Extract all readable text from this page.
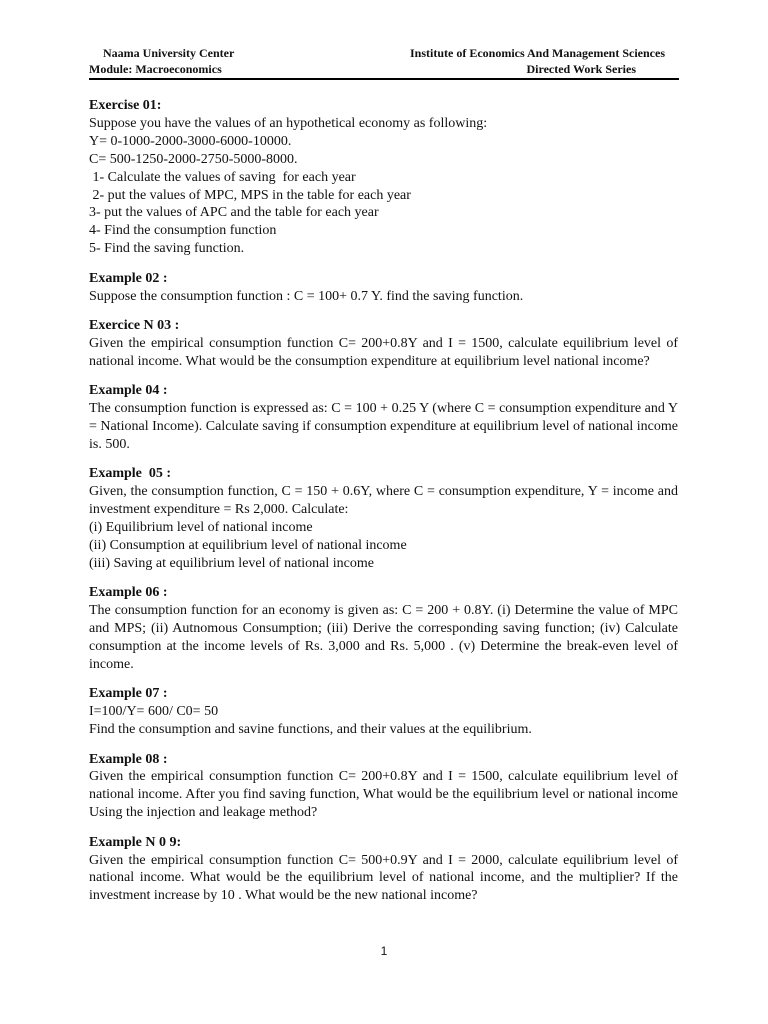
Naama University Center
Module: Macroeconomics
Institute of Economics And Management Sciences
Directed Work Series
Exercise 01:
Suppose you have the values of an hypothetical economy as following:
Y= 0-1000-2000-3000-6000-10000.
C= 500-1250-2000-2750-5000-8000.
1- Calculate the values of saving  for each year
2- put the values of MPC, MPS in the table for each year
3- put the values of APC and the table for each year
4- Find the consumption function
5- Find the saving function.
Example 02 :
Suppose the consumption function : C = 100+ 0.7 Y. find the saving function.
Exercice N 03 :
Given the empirical consumption function C= 200+0.8Y and I = 1500, calculate equilibrium level of national income. What would be the consumption expenditure at equilibrium level national income?
Example 04 :
The consumption function is expressed as: C = 100 + 0.25 Y (where C = consumption expenditure and Y = National Income). Calculate saving if consumption expenditure at equilibrium level of national income is. 500.
Example  05 :
Given, the consumption function, C = 150 + 0.6Y, where C = consumption expenditure, Y = income and investment expenditure = Rs 2,000. Calculate:
(i) Equilibrium level of national income
(ii) Consumption at equilibrium level of national income
(iii) Saving at equilibrium level of national income
Example 06 :
The consumption function for an economy is given as: C = 200 + 0.8Y. (i) Determine the value of MPC and MPS; (ii) Autnomous Consumption; (iii) Derive the corresponding saving function; (iv) Calculate consumption at the income levels of Rs. 3,000 and Rs. 5,000 . (v) Determine the break-even level of income.
Example 07 :
I=100/Y= 600/ C0= 50
Find the consumption and savine functions, and their values at the equilibrium.
Example 08 :
Given the empirical consumption function C= 200+0.8Y and I = 1500, calculate equilibrium level of national income. After you find saving function, What would be the equilibrium level or national income Using the injection and leakage method?
Example N 0 9:
Given the empirical consumption function C= 500+0.9Y and I = 2000, calculate equilibrium level of national income. What would be the equilibrium level of national income, and the multiplier? If the investment increase by 10 . What would be the new national income?
1
